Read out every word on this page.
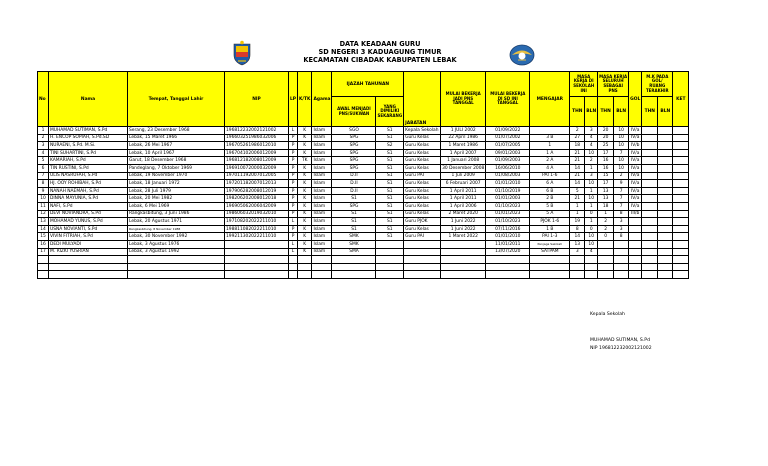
DATA KEADAAN GURU
SD NEGERI 3 KADUAGUNG TIMUR
KECAMATAN CIBADAK KABUPATEN LEBAK
No	Nama	Tempat, Tanggal Lahir	NIP	LP	K/TK	Agama	IJAZAH TAHUNAN		JABATAN	MULAI BEKERJA JADI PNS TANGGAL	MULAI BEKERJA DI SD INI TANGGAL	MENGAJAR	MASA KERJA DI SEKOLAH INI		MASA KERJA SELURUH SEBAGAI PNS		GOL	M.K PADA GOL/ RUANG TERAKHIR		KET
							AWAL MENJADI PNS/SUKWAN	YANG DIMILIKI SEKARANG					THN	BLN	THN	BLN		THN	BLN	
1	MUHAMAD SUTIMAN, S.Pd	Serang, 23 Desember 1968	196812232002121002	L	K	Islam	SGO	S1	Kepala Sekolah	1 JULI 2002	01/09/2022		2	3	20	10	IV/a			
2	H. ENCOP SOPIAH, S.Pd.SD	Lebak, 15 Maret 1966	196603251986032006	P	K	Islam	SPG	S1	Guru Kelas	22 April 1986	01/07/2002	3 B	27	4	20	10	IV/a			
3	NURAENI, S.Pd. M.Si.	Lebak, 26 Mei 1967	196705261986012010	P	K	Islam	SPG	S2	Guru Kelas	1 Maret 1986	01/07/2005	1	18	4	25	10	IV/b			
4	TINI SUHARTINI, S.Pd	Lebak, 10 April 1967	196704102006012009	P	K	Islam	SPG	S1	Guru Kelas	1 April 2007	09/01/2003	1 A	21	10	17	7	IV/a			
5	KAMARIAH, S.Pd	Garut, 18 Desember 1968	196812182008012009	P	TK	Islam	SPG	S1	Guru Kelas	1 Januari 2008	01/09/2003	2 A	21	2	16	10	IV/a			
6	TIN RUSTINI, S.Pd	Pandeglang, 7 Oktober 1969	196910072000032009	P	K	Islam	SPG	S1	Guru Kelas	30 Desember 2008	16/06/2010	4 A	14	1	16	10	IV/a			
7	ULIS NASRUFAH, S.Pd	Lebak, 19 November 1970	197011192007012005	P	K	Islam	D.II	S1	Guru PAI	1 Juli 2009	01/08/2003	PAI 1-6	21	3	15	2	IV/a			
8	HJ. OOY ROHIBAH, S.Pd	Lebak, 18 Januari 1972	197201182007012013	P	K	Islam	D.II	S1	Guru Kelas	6 Februari 2007	01/01/2010	6 A	14	10	17	9	IV/a			
9	NANAH NAEMAH, S.Pd	Lebak, 28 Juli 1979	197906282008012019	P	K	Islam	D.II	S1	Guru Kelas	1 April 2011	01/10/2019	6 B	5	1	13	7	IV/a			
10	DINNA MAYUNIA, S.Pd	Lebak, 20 Mei 1982	198206202008012018	P	K	Islam	S1	S1	Guru Kelas	1 April 2011	01/01/2003	2 B	21	10	13	7	IV/a			
11	NAFI, S.Pd	Lebak, 6 Mei 1969	196905062006042009	P	K	Islam	SPG	S1	Guru Kelas	1 April 2006	01/10/2023	5 B	1	1	18	7	IV/a			
12	DEVI NOVIANDRA, S.Pd	Rangkasbitung, 3 Juni 1986	198606032019032010	P	K	Islam	S1	S1	Guru Kelas	2 Maret 2020	01/01/2023	5 A	1	0	1	8	III/b			
13	MOHAMAD YUNUS, S.Pd	Lebak, 20 Agustus 1971	197108202022211010	L	K	Islam	S1	S1	Guru PJOK	1 Juni 2022	01/10/2023	PJOK 1-6	19	1	2	3				
14	USNA NOVIANTI, S.Pd	Rangkasbitung, 8 November 1988	198811082022211010	P	K	Islam	S1	S1	Guru Kelas	1 Juni 2022	07/11/2016	1 B	8	0	2	3				
15	VIVIN FITRIAH, S.Pd	Lebak, 30 November 1992	199211302022211010	P	K	Islam	SMK	S1	Guru PAI	1 Maret 2022	01/01/2010	PAI 1-3	14	10	0	8				
16	DEDI MULYADI	Lebak, 3 Agustus 1976		L	K	Islam	SMK				11/01/2011	Penjaga Sekolah	13	10						
17	M. RIZKI YUSRIAN	Lebak, 3 Agustus 1992		L	K	Islam	SMA				13/07/2020	SATPAM	3	4						

Kepala Sekolah
MUHAMAD SUTIMAN, S.Pd
NIP 196812232002121002
